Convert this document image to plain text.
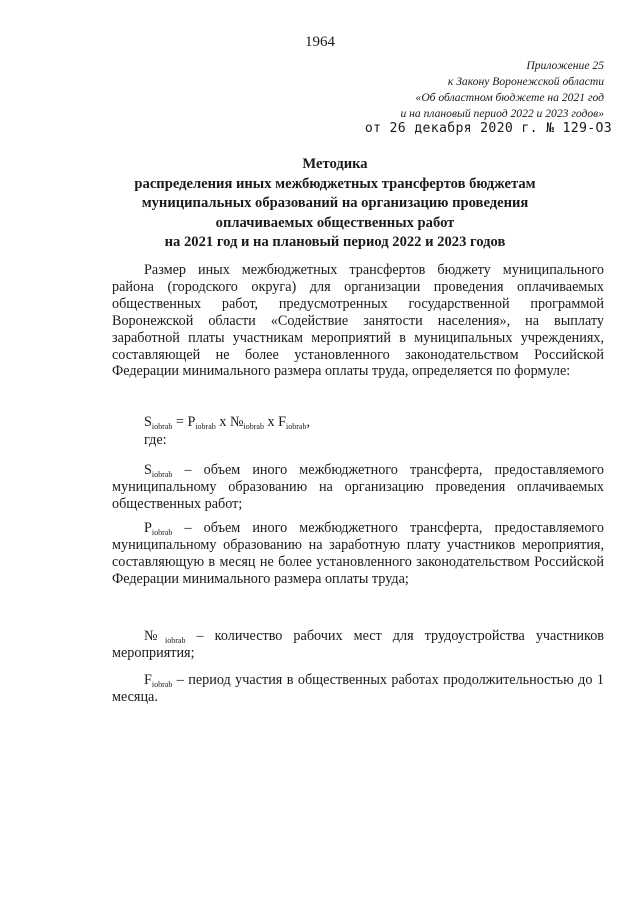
1964
Приложение 25
к Закону Воронежской области
«Об областном бюджете на 2021 год
и на плановый период 2022 и 2023 годов»
от 26 декабря 2020 г. № 129-ОЗ
Методика
распределения иных межбюджетных трансфертов бюджетам
муниципальных образований на организацию проведения
оплачиваемых общественных работ
на 2021 год и на плановый период 2022 и 2023 годов

Размер иных межбюджетных трансфертов бюджету муниципального района (городского округа) для организации проведения оплачиваемых общественных работ, предусмотренных государственной программой Воронежской области «Содействие занятости населения», на выплату заработной платы участникам мероприятий в муниципальных учреждениях, составляющей не более установленного законодательством Российской Федерации минимального размера оплаты труда, определяется по формуле:

$S_{iobrab} = P_{iobrab}$ x $№_{iobrab}$ x $F_{iobrab}$,
где:

$S_{iobrab}$ – объем иного межбюджетного трансферта, предоставляемого муниципальному образованию на организацию проведения оплачиваемых общественных работ;

$P_{iobrab}$ – объем иного межбюджетного трансферта, предоставляемого муниципальному образованию на заработную плату участников мероприятия, составляющую в месяц не более установленного законодательством Российской Федерации минимального размера оплаты труда;

$№_{iobrab}$ – количество рабочих мест для трудоустройства участников мероприятия;

$F_{iobrab}$ – период участия в общественных работах продолжительностью до 1 месяца.
